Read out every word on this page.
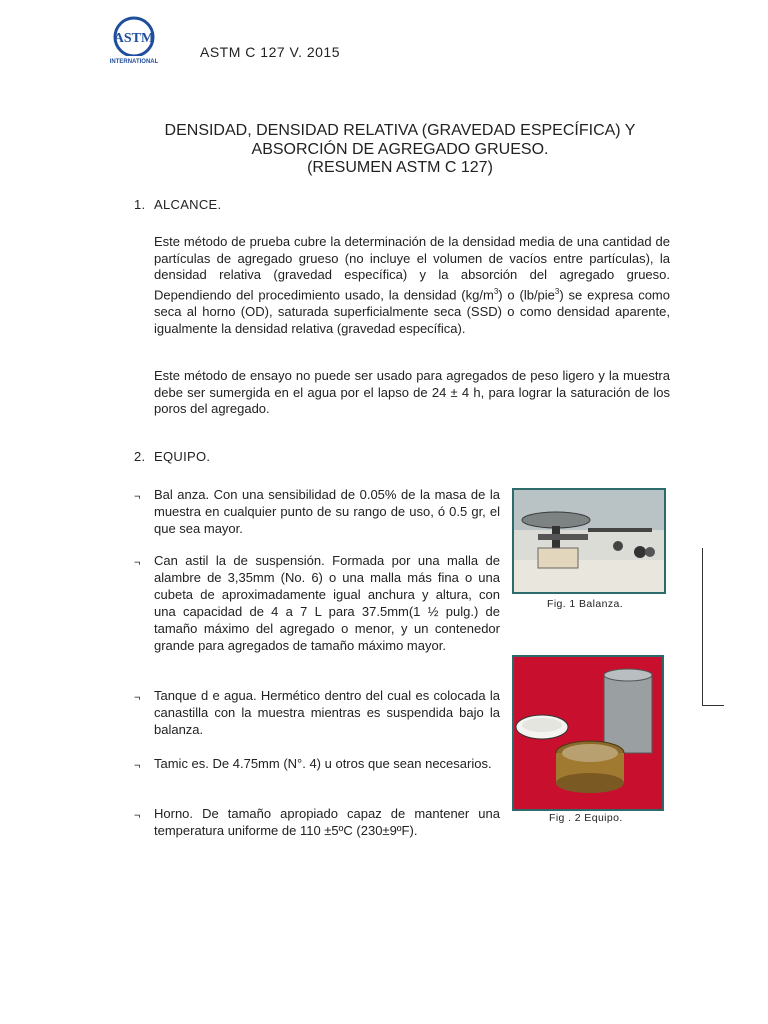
ASTM
INTERNATIONAL
ASTM C 127 V. 2015
DENSIDAD, DENSIDAD RELATIVA (GRAVEDAD ESPECÍFICA) Y
ABSORCIÓN DE AGREGADO GRUESO.
(RESUMEN ASTM C 127)
1. ALCANCE.
Este método de prueba cubre la determinación de la densidad media de una cantidad de partículas de agregado grueso (no incluye el volumen de vacíos entre partículas), la densidad relativa (gravedad específica) y la absorción del agregado grueso. Dependiendo del procedimiento usado, la densidad $(kg/m^3)$ o (lb/pie$^3$) se expresa como seca al horno (OD), saturada superficialmente seca (SSD) o como densidad aparente, igualmente la densidad relativa (gravedad específica).
Este método de ensayo no puede ser usado para agregados de peso ligero y la muestra debe ser sumergida en el agua por el lapso de 24 ± 4 h, para lograr la saturación de los poros del agregado.
2. EQUIPO.
¬ Bal anza. Con una sensibilidad de 0.05% de la masa de la muestra en cualquier punto de su rango de uso, ó 0.5 gr, el que sea mayor.
¬ Can astil la de suspensión. Formada por una malla de alambre de 3,35mm (No. 6) o una malla más fina o una cubeta de aproximadamente igual anchura y altura, con una capacidad de 4 a 7 L para 37.5mm(1 ½ pulg.) de tamaño máximo del agregado o menor, y un contenedor grande para agregados de tamaño máximo mayor.
¬ Tanque d e agua. Hermético dentro del cual es colocada la canastilla con la muestra mientras es suspendida bajo la balanza.
¬ Tamic es. De 4.75mm (N°. 4) u otros que sean necesarios.
¬ Horno. De tamaño apropiado capaz de mantener una temperatura uniforme de 110 ±5ºC (230±9ºF).
Fig. 1 Balanza.
Fig . 2 Equipo.
